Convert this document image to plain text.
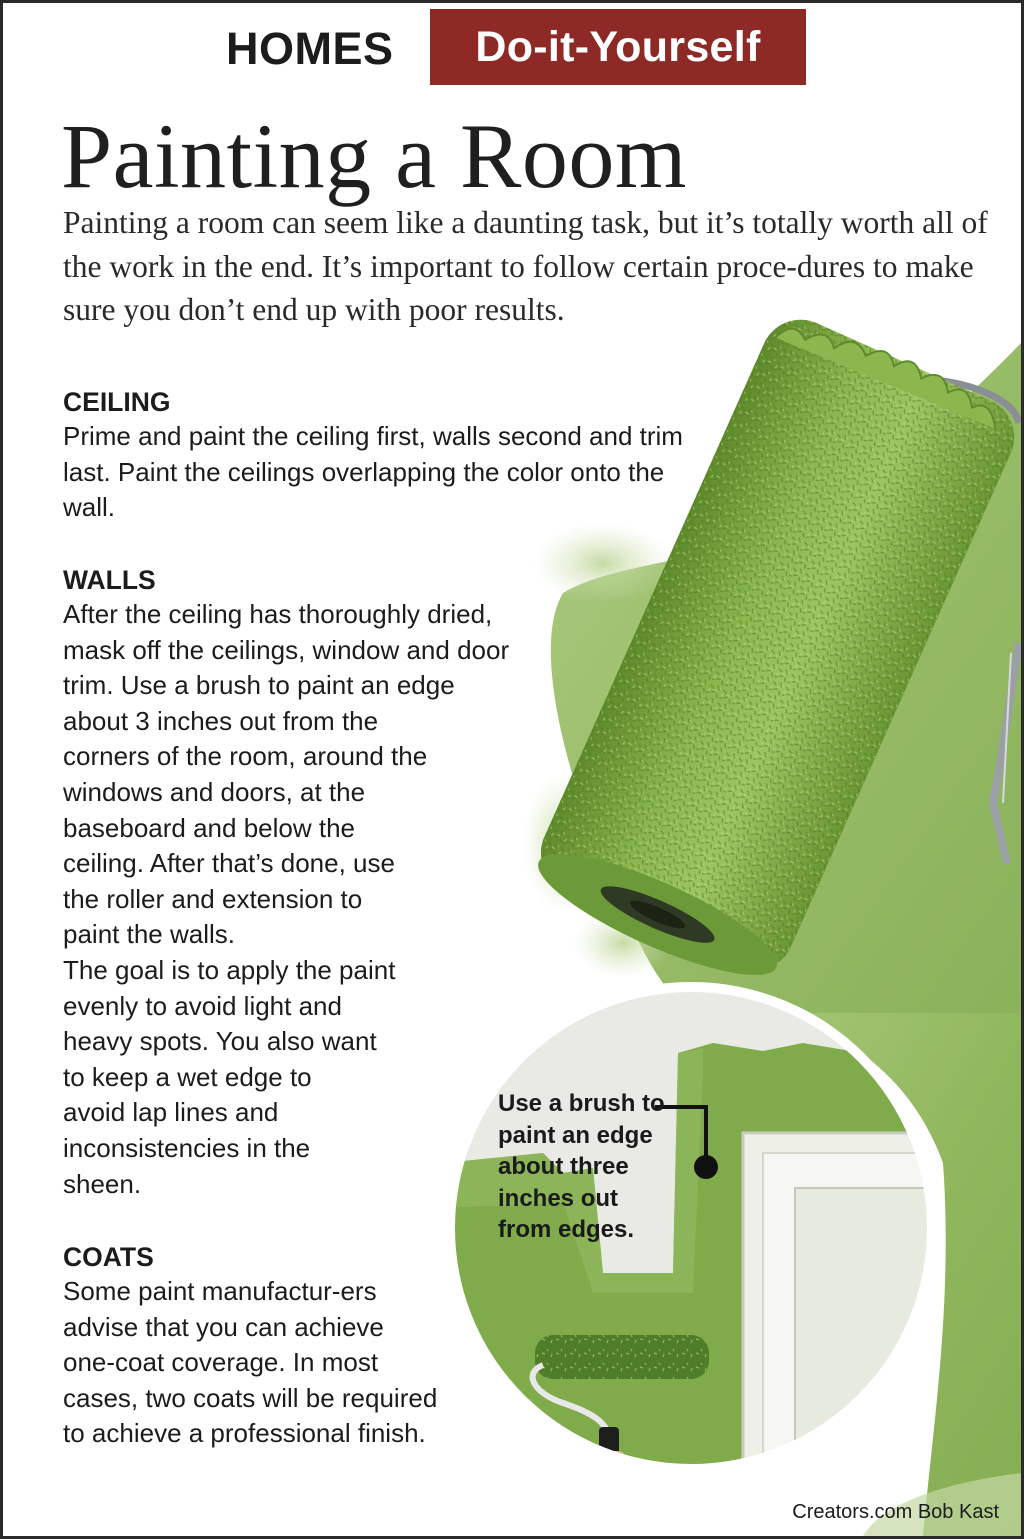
HOMES	Do-it-Yourself
Painting a Room

Painting a room can seem like a daunting task, but it’s totally worth all of the work in the end. It’s important to follow certain proce-dures to make sure you don’t end up with poor results.

CEILING

Prime and paint the ceiling first, walls second and trim last. Paint the ceilings overlapping the color onto the wall.

WALLS

After the ceiling has thoroughly dried,
mask off the ceilings, window and door
trim. Use a brush to paint an edge
about 3 inches out from the
corners of the room, around the
windows and doors, at the
baseboard and below the
ceiling. After that’s done, use
the roller and extension to
paint the walls.
The goal is to apply the paint
evenly to avoid light and
heavy spots. You also want
to keep a wet edge to
avoid lap lines and
inconsistencies in the
sheen.

COATS

Some paint manufactur-ers advise that you can achieve one-coat coverage. In most cases, two coats will be required to achieve a professional finish.

Use a brush to paint an edge about three inches out from edges.
Creators.com Bob Kast
